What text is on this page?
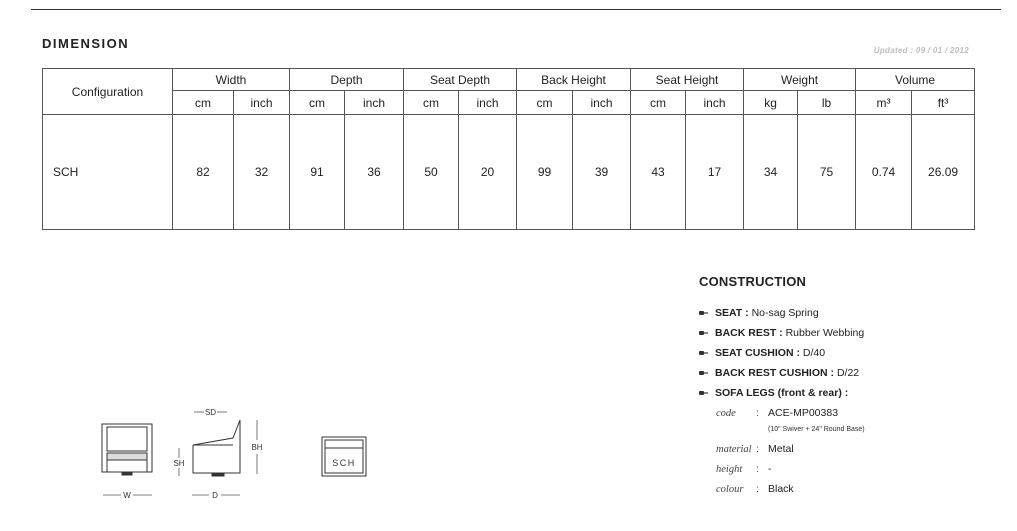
DIMENSION	Updated : 09 / 01 / 2012
Configuration	Width		Depth		Seat Depth		Back Height		Seat Height		Weight		Volume	
	cm	inch	cm	inch	cm	inch	cm	inch	cm	inch	kg	lb	m³	ft³
SCH	82	32	91	36	50	20	99	39	43	17	34	75	0.74	26.09
W
SD
BH
SH
D
SCH
CONSTRUCTION
SEAT :
No-sag Spring
BACK REST :
Rubber Webbing
SEAT CUSHION :
D/40
BACK REST CUSHION :
D/22
SOFA LEGS
(front & rear) :
code	: ACE-MP00383
(10" Swiver + 24" Round Base)
material : Metal
height	: -
colour	: Black
